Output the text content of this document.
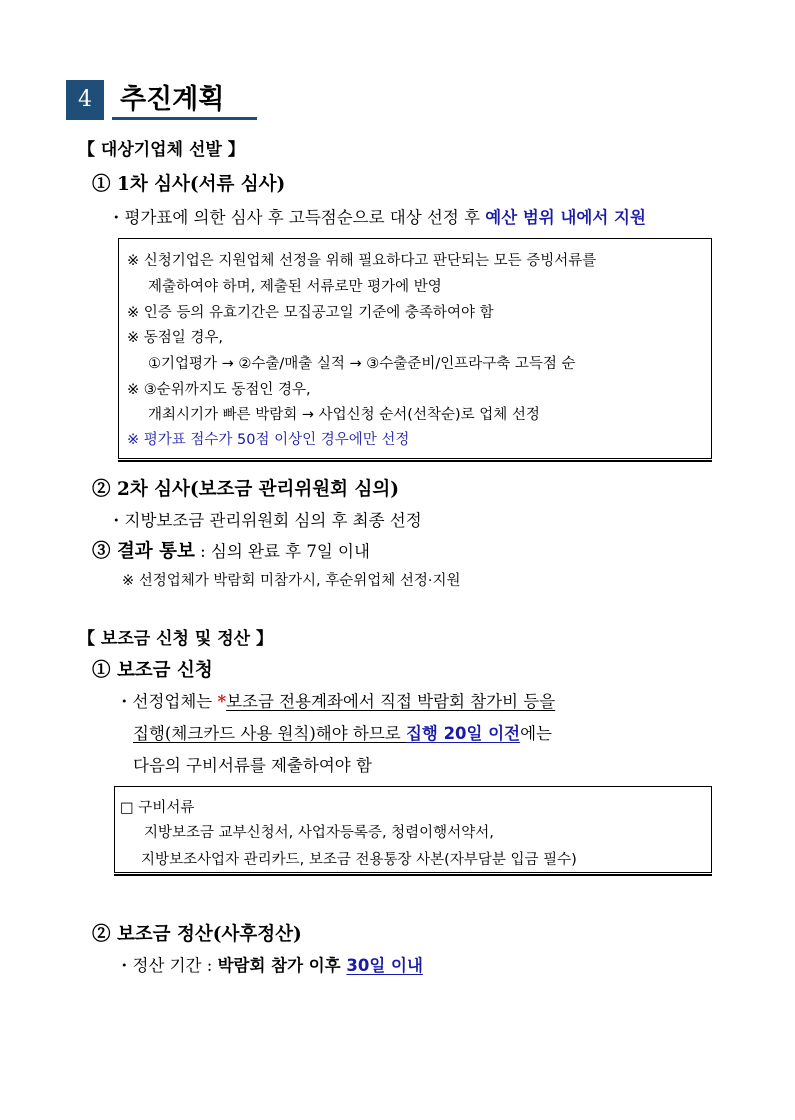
4	추진계획
【 대상기업체 선발 】
① 1차 심사(서류 심사)
・평가표에 의한 심사 후 고득점순으로 대상 선정 후 예산 범위 내에서 지원
※ 신청기업은 지원업체 선정을 위해 필요하다고 판단되는 모든 증빙서류를
제출하여야 하며, 제출된 서류로만 평가에 반영
※ 인증 등의 유효기간은 모집공고일 기준에 충족하여야 함
※ 동점일 경우,
①기업평가 → ②수출/매출 실적 → ③수출준비/인프라구축 고득점 순
※ ③순위까지도 동점인 경우,
개최시기가 빠른 박람회 → 사업신청 순서(선착순)로 업체 선정
※ 평가표 점수가 50점 이상인 경우에만 선정
② 2차 심사(보조금 관리위원회 심의)
・지방보조금 관리위원회 심의 후 최종 선정
③ 결과 통보 : 심의 완료 후 7일 이내
※ 선정업체가 박람회 미참가시, 후순위업체 선정·지원
【 보조금 신청 및 정산 】
① 보조금 신청
・선정업체는 *보조금 전용계좌에서 직접 박람회 참가비 등을
집행(체크카드 사용 원칙)해야 하므로 집행 20일 이전에는
다음의 구비서류를 제출하여야 함
□ 구비서류
지방보조금 교부신청서, 사업자등록증, 청렴이행서약서,
지방보조사업자 관리카드, 보조금 전용통장 사본(자부담분 입금 필수)
② 보조금 정산(사후정산)
・정산 기간 : 박람회 참가 이후 30일 이내
